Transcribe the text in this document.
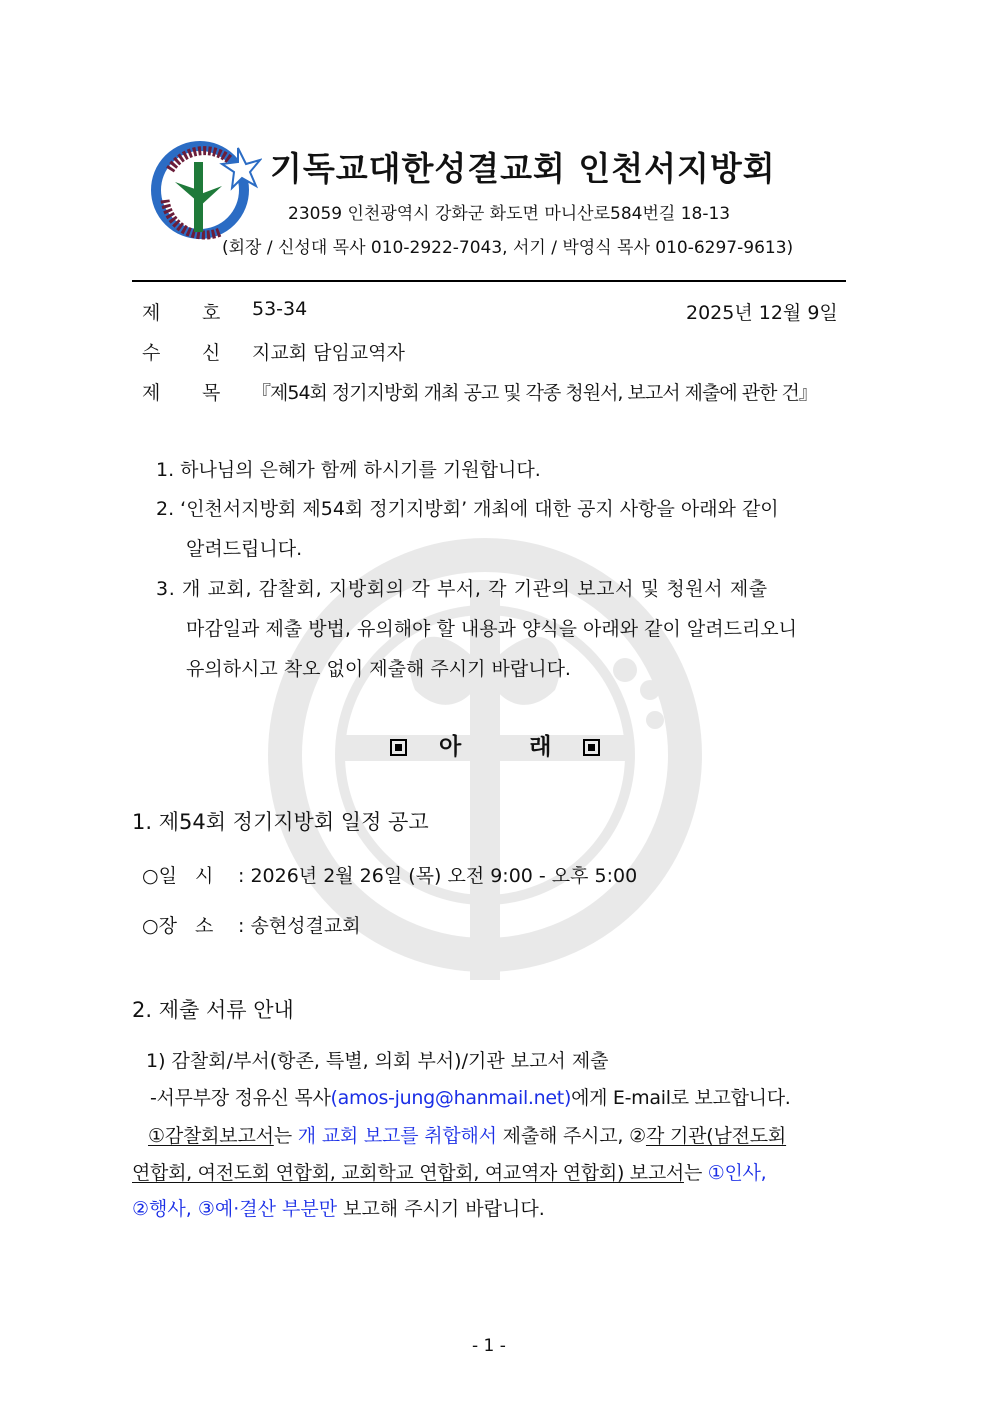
기독교대한성결교회 인천서지방회
23059 인천광역시 강화군 화도면 마니산로584번길 18-13
(회장 / 신성대 목사 010-2922-7043, 서기 / 박영식 목사 010-6297-9613)
제 호 53-34	2025년 12월 9일
수 신 지교회 담임교역자
제 목 『제54회 정기지방회 개최 공고 및 각종 청원서, 보고서 제출에 관한 건』
1. 하나님의 은혜가 함께 하시기를 기원합니다.
2. ‘인천서지방회 제54회 정기지방회’ 개최에 대한 공지 사항을 아래와 같이
알려드립니다.
3. 개 교회, 감찰회, 지방회의 각 부서, 각 기관의 보고서 및 청원서 제출
마감일과 제출 방법, 유의해야 할 내용과 양식을 아래와 같이 알려드리오니
유의하시고 착오 없이 제출해 주시기 바랍니다.
아	래
1. 제54회 정기지방회 일정 공고
○일   시 : 2026년 2월 26일 (목) 오전 9:00 - 오후 5:00
○장   소 : 송현성결교회
2. 제출 서류 안내
1) 감찰회/부서(항존, 특별, 의회 부서)/기관 보고서 제출
-서무부장 정유신 목사(amos-jung@hanmail.net)에게 E-mail로 보고합니다.
①감찰회보고서는 개 교회 보고를 취합해서 제출해 주시고, ②각 기관(남전도회
연합회, 여전도회 연합회, 교회학교 연합회, 여교역자 연합회) 보고서는 ①인사,
②행사, ③예·결산 부분만 보고해 주시기 바랍니다.
- 1 -
